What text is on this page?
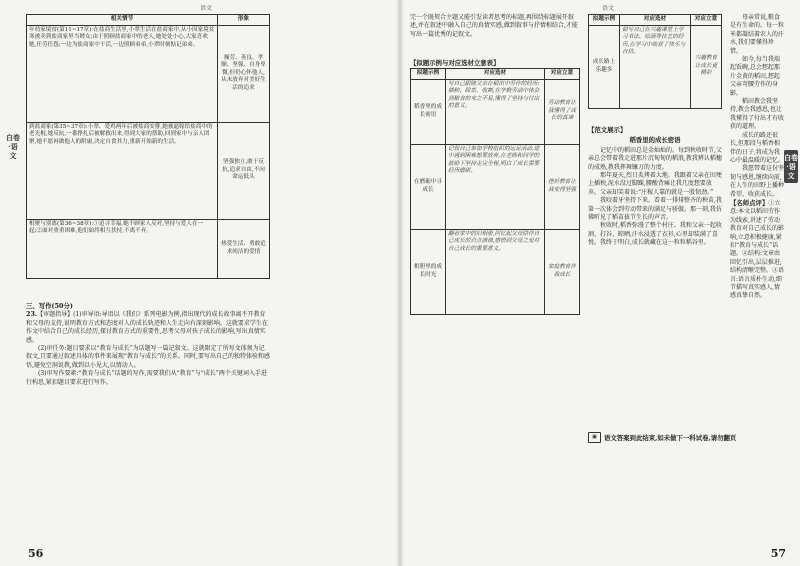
语文
相关情节	形象
年幼家境贫(第11~17章):在盐商生活里,小翠生活在盐商家中,从小因家境贫寒被卖到盐商家里当婢女;由于照顾盐商家中的老人,她处处小心,大家喜欢她,任劳任怨;一边为盐商家中干活,一边照顾弟弟,小翠时刻惦记弟弟。	操劳、善良、孝顺、坚强、自身卑微,但仍心怀他人,从未放弃对美好生活的追求
到盐商家(第35~37章):小翠、爱鸡两年后被盐商安排,她被逼嫁给盐商中的老光棍,她反抗,一番挣扎后被解救出来,得到大家的帮助,回到家中与亲人团聚,她不愿再做他人的附庸,决定自食其力,重新开始新的生活。	坚强独立,敢于反抗,追求自由,不向命运低头
相聚与别离(第36~38章):①追寻幸福,她不顾家人反对,坚持与爱人在一起;②面对重重困难,他们始终相互扶持,不离不弃。	热爱生活、勇敢追求纯洁的爱情
白卷·语文
三、写作(50分)

23.【审题指导】(1)审导语:导语以《我们》系列电影为例,指出现代的成长故事离不开教育和父母的支持,说明教育方式和态度对人的成长轨迹和人生走向有深刻影响。这就要求学生在作文中结合自己的成长经历,探讨教育方式的重要性,思考父母对孩子成长的影响,写出真情实感。

(2)审任务:题目要求以“教育与成长”为话题写一篇记叙文。这就限定了所写文体须为记叙文,且要通过叙述具体的事件来展现“教育与成长”的关系。同时,要写出自己的独特体验和感悟,避免空洞说教,做到以小见大,以情动人。

(3)审写作要素:“教育与成长”话题的写作,需要我们从“教育”与“成长”两个关键词入手进行构思,紧扣题目要求进行写作。

56
语文

完一个既契合主题又能引发读者思考的标题,再围绕标题展开叙述,并在叙述中融入自己的真情实感,做到叙事与抒情相结合,才能写出一篇优秀的记叙文。

【拟题示例与对应选材立意表】
拟题示例	对应选材	对应立意
稻香里的成长密语	写自己跟随父亲在稻田中劳作的经历:插秧、除草、收割,在辛勤劳动中体会到粮食的来之不易,懂得了坚持与付出的意义。	劳动教育让我懂得了成长的真谛
在磨砺中寻成长	记叙自己参加学校组织的远足活动,途中遇到困难想要放弃,在老师和同学的鼓励下坚持走完全程,明白了成长需要经历磨砺。	挫折教育让我变得坚强
相册里的成长时光	翻看家中的旧相册,回忆起父母陪伴自己成长的点点滴滴,感悟到父母之爱对自己成长的重要意义。	家庭教育伴我成长
拟题示例	对应选材	对应立意
成长路上乐趣多	描写自己在兴趣课堂上学习书法、绘画等技艺的经历,在学习中收获了快乐与自信。	兴趣教育让成长更精彩
【范文展示】
稻香里的成长密语

记忆中的稻田总是金灿灿的。每到秋收时节,父亲总会带着我走进那片沉甸甸的稻浪,教我辨认稻穗的成熟,教我挥舞镰刀的力度。

那年夏天,烈日炙烤着大地。我跟着父亲在田埂上插秧,泥水没过脚踝,腰酸背痛让我几度想要放弃。父亲却笑着说:“庄稼人靠的就是一股韧劲。”

我咬着牙坚持下来。看着一排排整齐的秧苗,我第一次体会到劳动带来的满足与骄傲。那一刻,我仿佛听见了稻苗拔节生长的声音。

秋收时,稻香弥漫了整个村庄。我和父亲一起收割、打谷、晾晒,汗水浸透了衣衫,心里却装满了喜悦。我终于明白,成长就藏在这一粒粒稻谷里。

母亲常说,粮食是有生命的。每一粒米都凝结着农人的汗水,我们要懂得珍惜。

如今,每当我端起饭碗,总会想起那片金黄的稻田,想起父亲弯腰劳作的身影。

稻田教会我坚持,教会我感恩,也让我懂得了付出才有收获的道理。

成长的路还很长,但那段与稻香相伴的日子,将成为我心中最温暖的记忆。

我愿带着这份坚韧与感恩,继续向前,在人生的田野上播种希望、收获成长。

【名师点评】①立意:本文以稻田劳作为线索,讲述了劳动教育对自己成长的影响,立意积极健康,紧扣“教育与成长”话题。②结构:文章由回忆引出,层层推进,结构清晰完整。③语言:语言质朴生动,细节描写真实感人,情感真挚自然。

白卷·语文
▣	语文答案到此结束,如未做下一科试卷,请勿翻页
57
